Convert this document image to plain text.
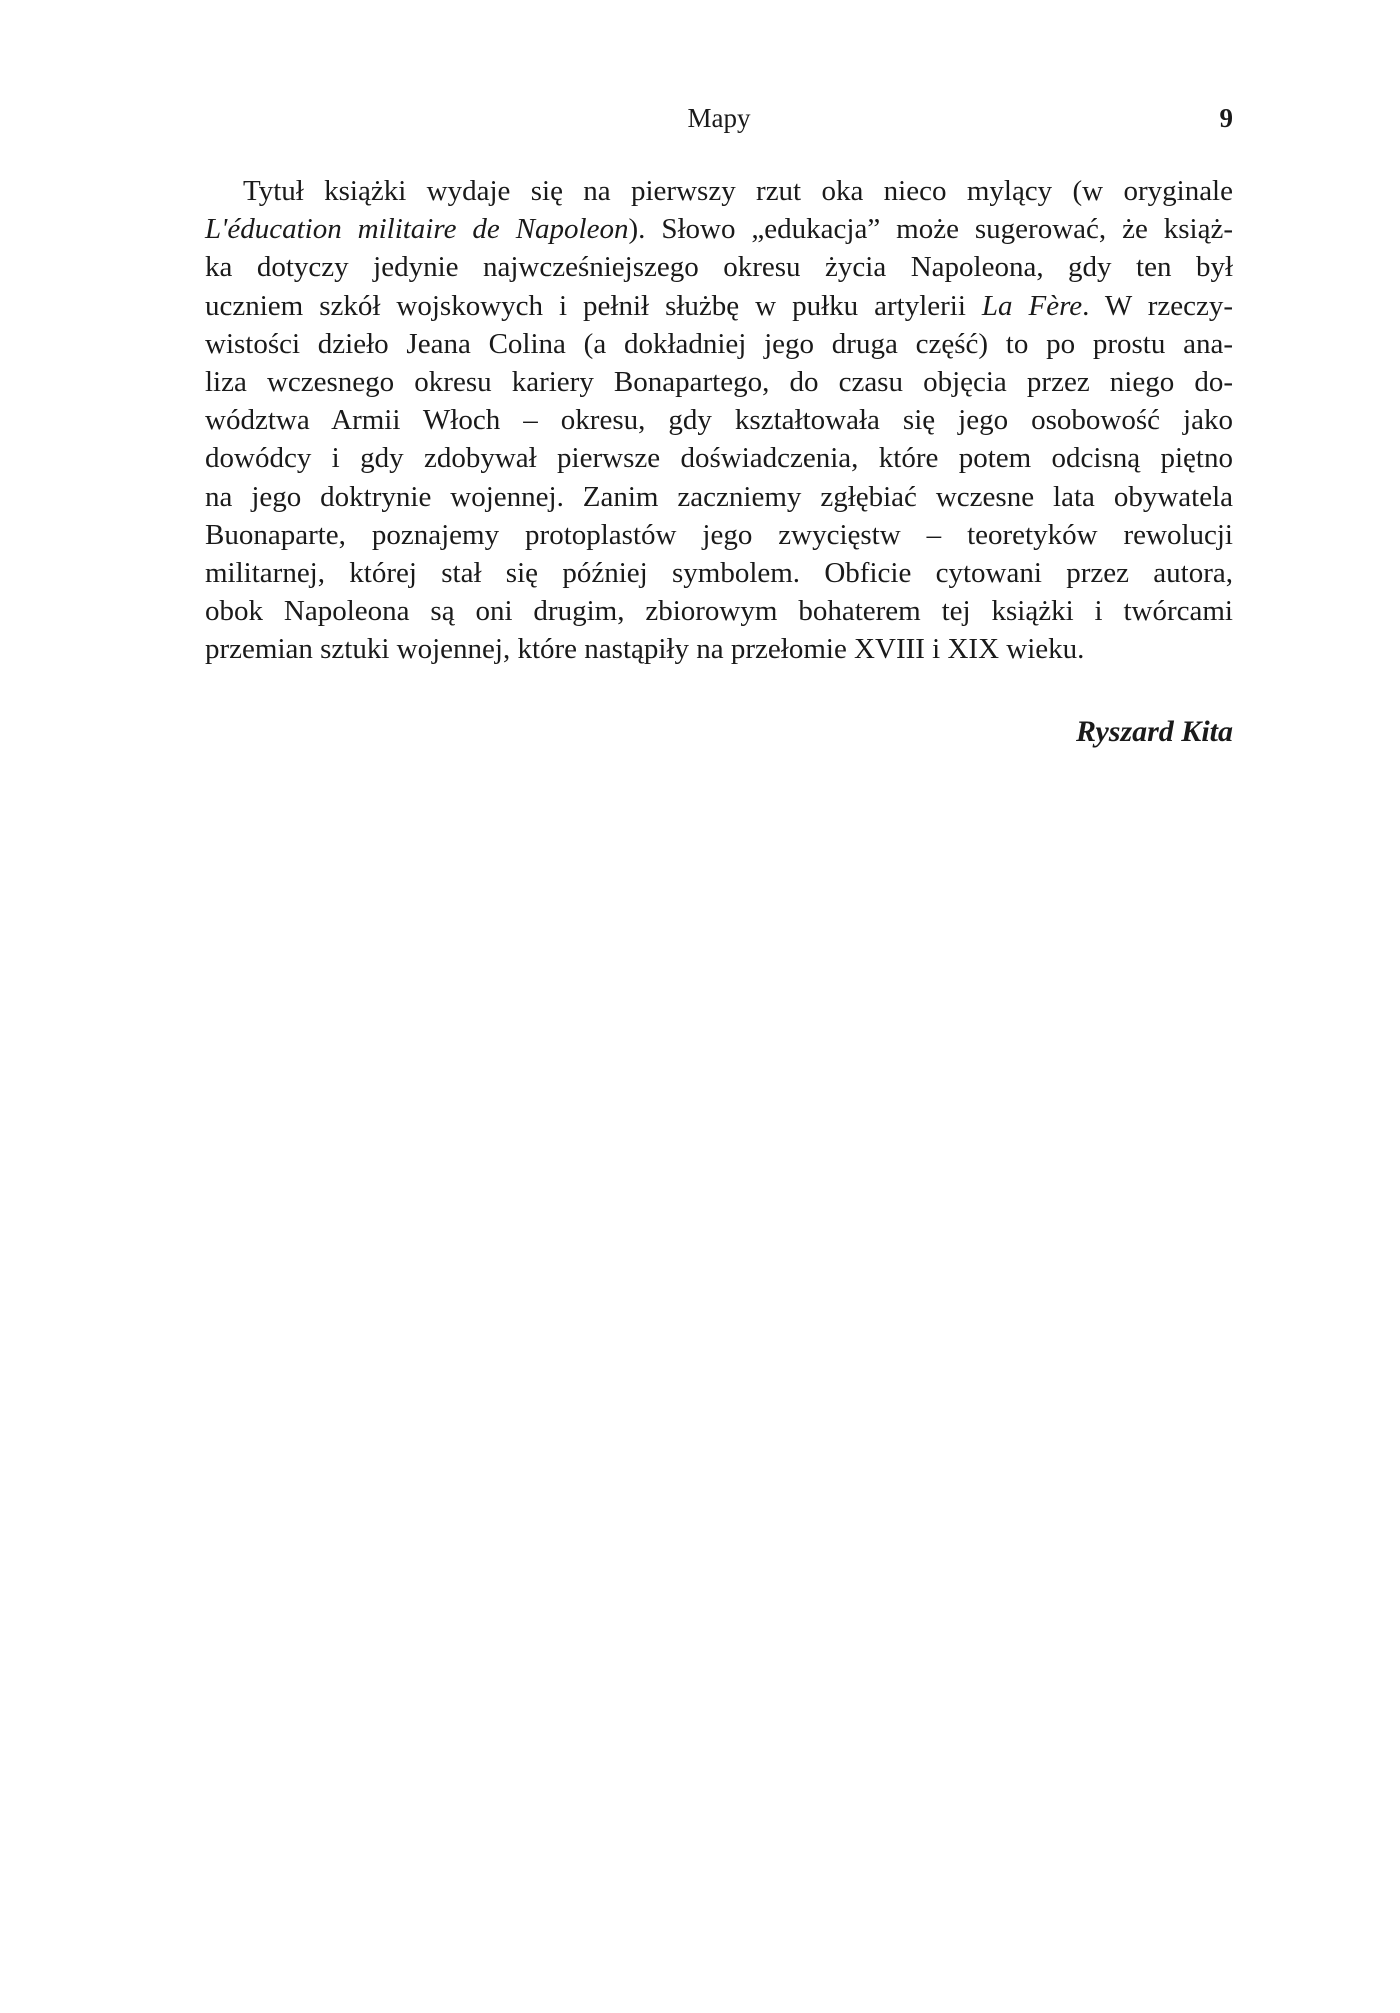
Mapy	9
Tytuł książki wydaje się na pierwszy rzut oka nieco mylący (w oryginale
L'éducation militaire de Napoleon). Słowo „edukacja” może sugerować, że książ-
ka dotyczy jedynie najwcześniejszego okresu życia Napoleona, gdy ten był
uczniem szkół wojskowych i pełnił służbę w pułku artylerii La Fère. W rzeczy-
wistości dzieło Jeana Colina (a dokładniej jego druga część) to po prostu ana-
liza wczesnego okresu kariery Bonapartego, do czasu objęcia przez niego do-
wództwa Armii Włoch – okresu, gdy kształtowała się jego osobowość jako
dowódcy i gdy zdobywał pierwsze doświadczenia, które potem odcisną piętno
na jego doktrynie wojennej. Zanim zaczniemy zgłębiać wczesne lata obywatela
Buonaparte, poznajemy protoplastów jego zwycięstw – teoretyków rewolucji
militarnej, której stał się później symbolem. Obficie cytowani przez autora,
obok Napoleona są oni drugim, zbiorowym bohaterem tej książki i twórcami
przemian sztuki wojennej, które nastąpiły na przełomie XVIII i XIX wieku.
Ryszard Kita
